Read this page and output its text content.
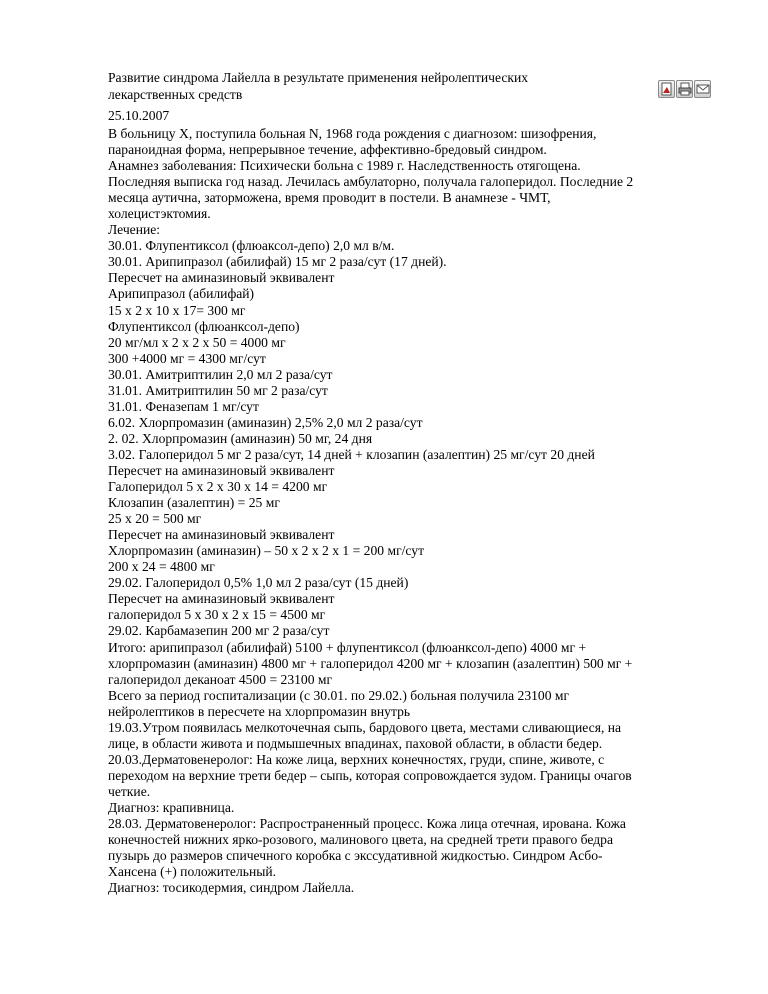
Развитие синдрома Лайелла в результате применения нейролептических
лекарственных средств
25.10.2007
В больницу X, поступила больная N, 1968 года рождения с диагнозом: шизофрения,
параноидная форма, непрерывное течение, аффективно-бредовый синдром.
Анамнез заболевания: Психически больна с 1989 г. Наследственность отягощена.
Последняя выписка год назад. Лечилась амбулаторно, получала галоперидол. Последние 2
месяца аутична, заторможена, время проводит в постели. В анамнезе - ЧМТ,
холецистэктомия.
Лечение:
30.01. Флупентиксол (флюаксол-депо) 2,0 мл в/м.
30.01. Арипипразол (абилифай) 15 мг 2 раза/сут (17 дней).
Пересчет на аминазиновый эквивалент
Арипипразол (абилифай)
15 х 2 х 10 х 17= 300 мг
Флупентиксол (флюанксол-депо)
20 мг/мл х 2 х 2 х 50 = 4000 мг
300 +4000 мг = 4300 мг/сут
30.01. Амитриптилин 2,0 мл 2 раза/сут
31.01. Амитриптилин 50 мг 2 раза/сут
31.01. Феназепам 1 мг/сут
6.02. Хлорпромазин (аминазин) 2,5% 2,0 мл 2 раза/сут
2. 02. Хлорпромазин (аминазин) 50 мг, 24 дня
3.02. Галоперидол 5 мг 2 раза/сут, 14 дней + клозапин (азалептин) 25 мг/сут 20 дней
Пересчет на аминазиновый эквивалент
Галоперидол 5 х 2 х 30 х 14 = 4200 мг
Клозапин (азалептин) = 25 мг
25 х 20 = 500 мг
Пересчет на аминазиновый эквивалент
Хлорпромазин (аминазин) – 50 х 2 х 2 х 1 = 200 мг/сут
200 х 24 = 4800 мг
29.02. Галоперидол 0,5% 1,0 мл 2 раза/сут (15 дней)
Пересчет на аминазиновый эквивалент
галоперидол 5 х 30 х 2 х 15 = 4500 мг
29.02. Карбамазепин 200 мг 2 раза/сут
Итого: арипипразол (абилифай) 5100 + флупентиксол (флюанксол-депо) 4000 мг +
хлорпромазин (аминазин) 4800 мг + галоперидол 4200 мг + клозапин (азалептин) 500 мг +
галоперидол деканоат 4500 = 23100 мг
Всего за период госпитализации (с 30.01. по 29.02.) больная получила 23100 мг
нейролептиков в пересчете на хлорпромазин внутрь
19.03.Утром появилась мелкоточечная сыпь, бардового цвета, местами сливающиеся, на
лице, в области живота и подмышечных впадинах, паховой области, в области бедер.
20.03.Дерматовенеролог: На коже лица, верхних конечностях, груди, спине, животе, с
переходом на верхние трети бедер – сыпь, которая сопровождается зудом. Границы очагов
четкие.
Диагноз: крапивница.
28.03. Дерматовенеролог: Распространенный процесс. Кожа лица отечная, ирована. Кожа
конечностей нижних ярко-розового, малинового цвета, на средней трети правого бедра
пузырь до размеров спичечного коробка с экссудативной жидкостью. Синдром Асбо-
Хансена (+) положительный.
Диагноз: тосикодермия, синдром Лайелла.
